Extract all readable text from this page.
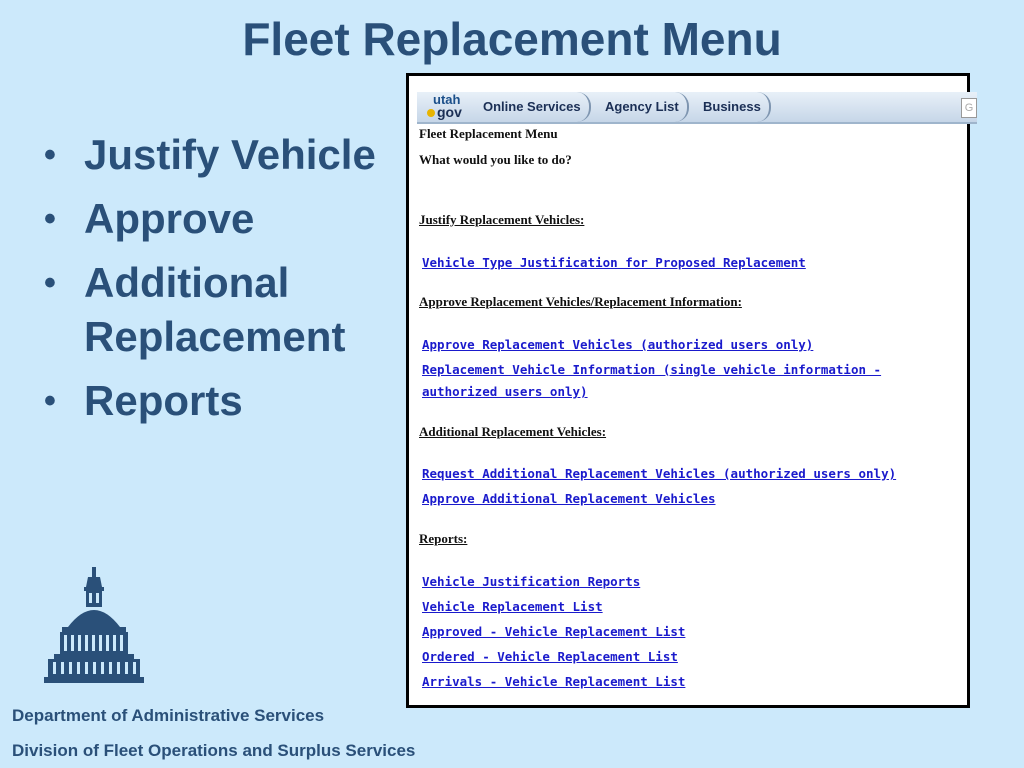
Fleet Replacement Menu
• Justify Vehicle
• Approve
• Additional Replacement
• Reports
Department of Administrative Services
Division of Fleet Operations and Surplus Services
utah
gov	Online Services	Agency List	Business	G
Fleet Replacement Menu
What would you like to do?
Justify Replacement Vehicles:
Vehicle Type Justification for Proposed Replacement
Approve Replacement Vehicles/Replacement Information:
Approve Replacement Vehicles (authorized users only)
Replacement Vehicle Information (single vehicle information - authorized users only)
Additional Replacement Vehicles:
Request Additional Replacement Vehicles (authorized users only)
Approve Additional Replacement Vehicles
Reports:
Vehicle Justification Reports
Vehicle Replacement List
Approved - Vehicle Replacement List
Ordered - Vehicle Replacement List
Arrivals - Vehicle Replacement List
